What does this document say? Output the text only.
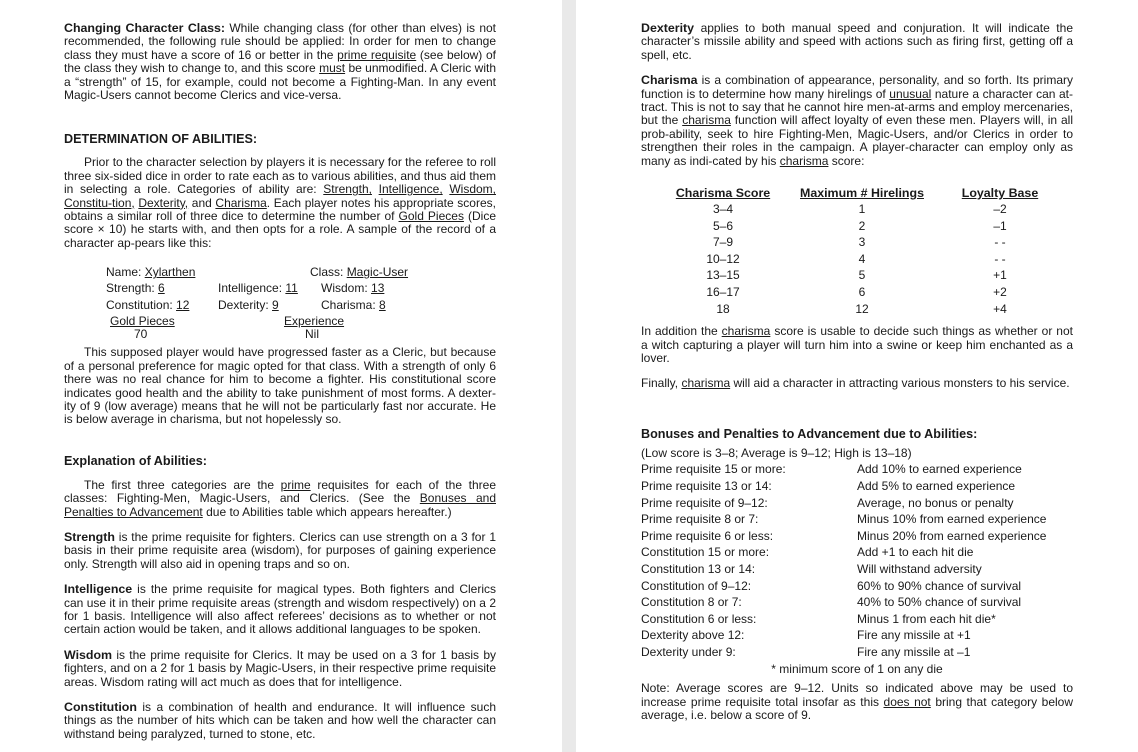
Changing Character Class: While changing class (for other than elves) is not recommended, the following rule should be applied: In order for men to change class they must have a score of 16 or better in the prime requisite (see below) of the class they wish to change to, and this score must be unmodified. A Cleric with a “strength” of 15, for example, could not become a Fighting-Man. In any event Magic-Users cannot become Clerics and vice-versa.

DETERMINATION OF ABILITIES:

Prior to the character selection by players it is necessary for the referee to roll three six-sided dice in order to rate each as to various abilities, and thus aid them in selecting a role. Categories of ability are: Strength, Intelligence, Wisdom, Constitu-tion, Dexterity, and Charisma. Each player notes his appropriate scores, obtains a similar roll of three dice to determine the number of Gold Pieces (Dice score × 10) he starts with, and then opts for a role. A sample of the record of a character ap-pears like this:

Name: Xylarthen	Class: Magic-User
Strength: 6	Intelligence: 11 Wisdom: 13
Constitution: 12 Dexterity: 9	Charisma: 8
Gold Pieces	Experience
70	Nil

This supposed player would have progressed faster as a Cleric, but because of a personal preference for magic opted for that class. With a strength of only 6 there was no real chance for him to become a fighter. His constitutional score indicates good health and the ability to take punishment of most forms. A dexter-ity of 9 (low average) means that he will not be particularly fast nor accurate. He is below average in charisma, but not hopelessly so.

Explanation of Abilities:

The first three categories are the prime requisites for each of the three classes: Fighting-Men, Magic-Users, and Clerics. (See the Bonuses and Penalties to Advancement due to Abilities table which appears hereafter.)

Strength is the prime requisite for fighters. Clerics can use strength on a 3 for 1 basis in their prime requisite area (wisdom), for purposes of gaining experience only. Strength will also aid in opening traps and so on.

Intelligence is the prime requisite for magical types. Both fighters and Clerics can use it in their prime requisite areas (strength and wisdom respectively) on a 2 for 1 basis. Intelligence will also affect referees’ decisions as to whether or not certain action would be taken, and it allows additional languages to be spoken.

Wisdom is the prime requisite for Clerics. It may be used on a 3 for 1 basis by fighters, and on a 2 for 1 basis by Magic-Users, in their respective prime requisite areas. Wisdom rating will act much as does that for intelligence.

Constitution is a combination of health and endurance. It will influence such things as the number of hits which can be taken and how well the character can withstand being paralyzed, turned to stone, etc.

Dexterity applies to both manual speed and conjuration. It will indicate the character’s missile ability and speed with actions such as firing first, getting off a spell, etc.

Charisma is a combination of appearance, personality, and so forth. Its primary function is to determine how many hirelings of unusual nature a character can at-tract. This is not to say that he cannot hire men-at-arms and employ mercenaries, but the charisma function will affect loyalty of even these men. Players will, in all prob-ability, seek to hire Fighting-Men, Magic-Users, and/or Clerics in order to strengthen their roles in the campaign. A player-character can employ only as many as indi-cated by his charisma score:

Charisma Score	Maximum # Hirelings	Loyalty Base
3–4	1	–2
5–6	2	–1
7–9	3	- -
10–12	4	- -
13–15	5	+1
16–17	6	+2
18	12	+4

In addition the charisma score is usable to decide such things as whether or not a witch capturing a player will turn him into a swine or keep him enchanted as a lover.

Finally, charisma will aid a character in attracting various monsters to his service.

Bonuses and Penalties to Advancement due to Abilities:
(Low score is 3–8; Average is 9–12; High is 13–18)
Prime requisite 15 or more:	Add 10% to earned experience
Prime requisite 13 or 14:	Add 5% to earned experience
Prime requisite of 9–12:	Average, no bonus or penalty
Prime requisite 8 or 7:	Minus 10% from earned experience
Prime requisite 6 or less:	Minus 20% from earned experience
Constitution 15 or more:	Add +1 to each hit die
Constitution 13 or 14:	Will withstand adversity
Constitution of 9–12:	60% to 90% chance of survival
Constitution 8 or 7:	40% to 50% chance of survival
Constitution 6 or less:	Minus 1 from each hit die*
Dexterity above 12:	Fire any missile at +1
Dexterity under 9:	Fire any missile at –1
* minimum score of 1 on any die

Note: Average scores are 9–12. Units so indicated above may be used to increase prime requisite total insofar as this does not bring that category below average, i.e. below a score of 9.
